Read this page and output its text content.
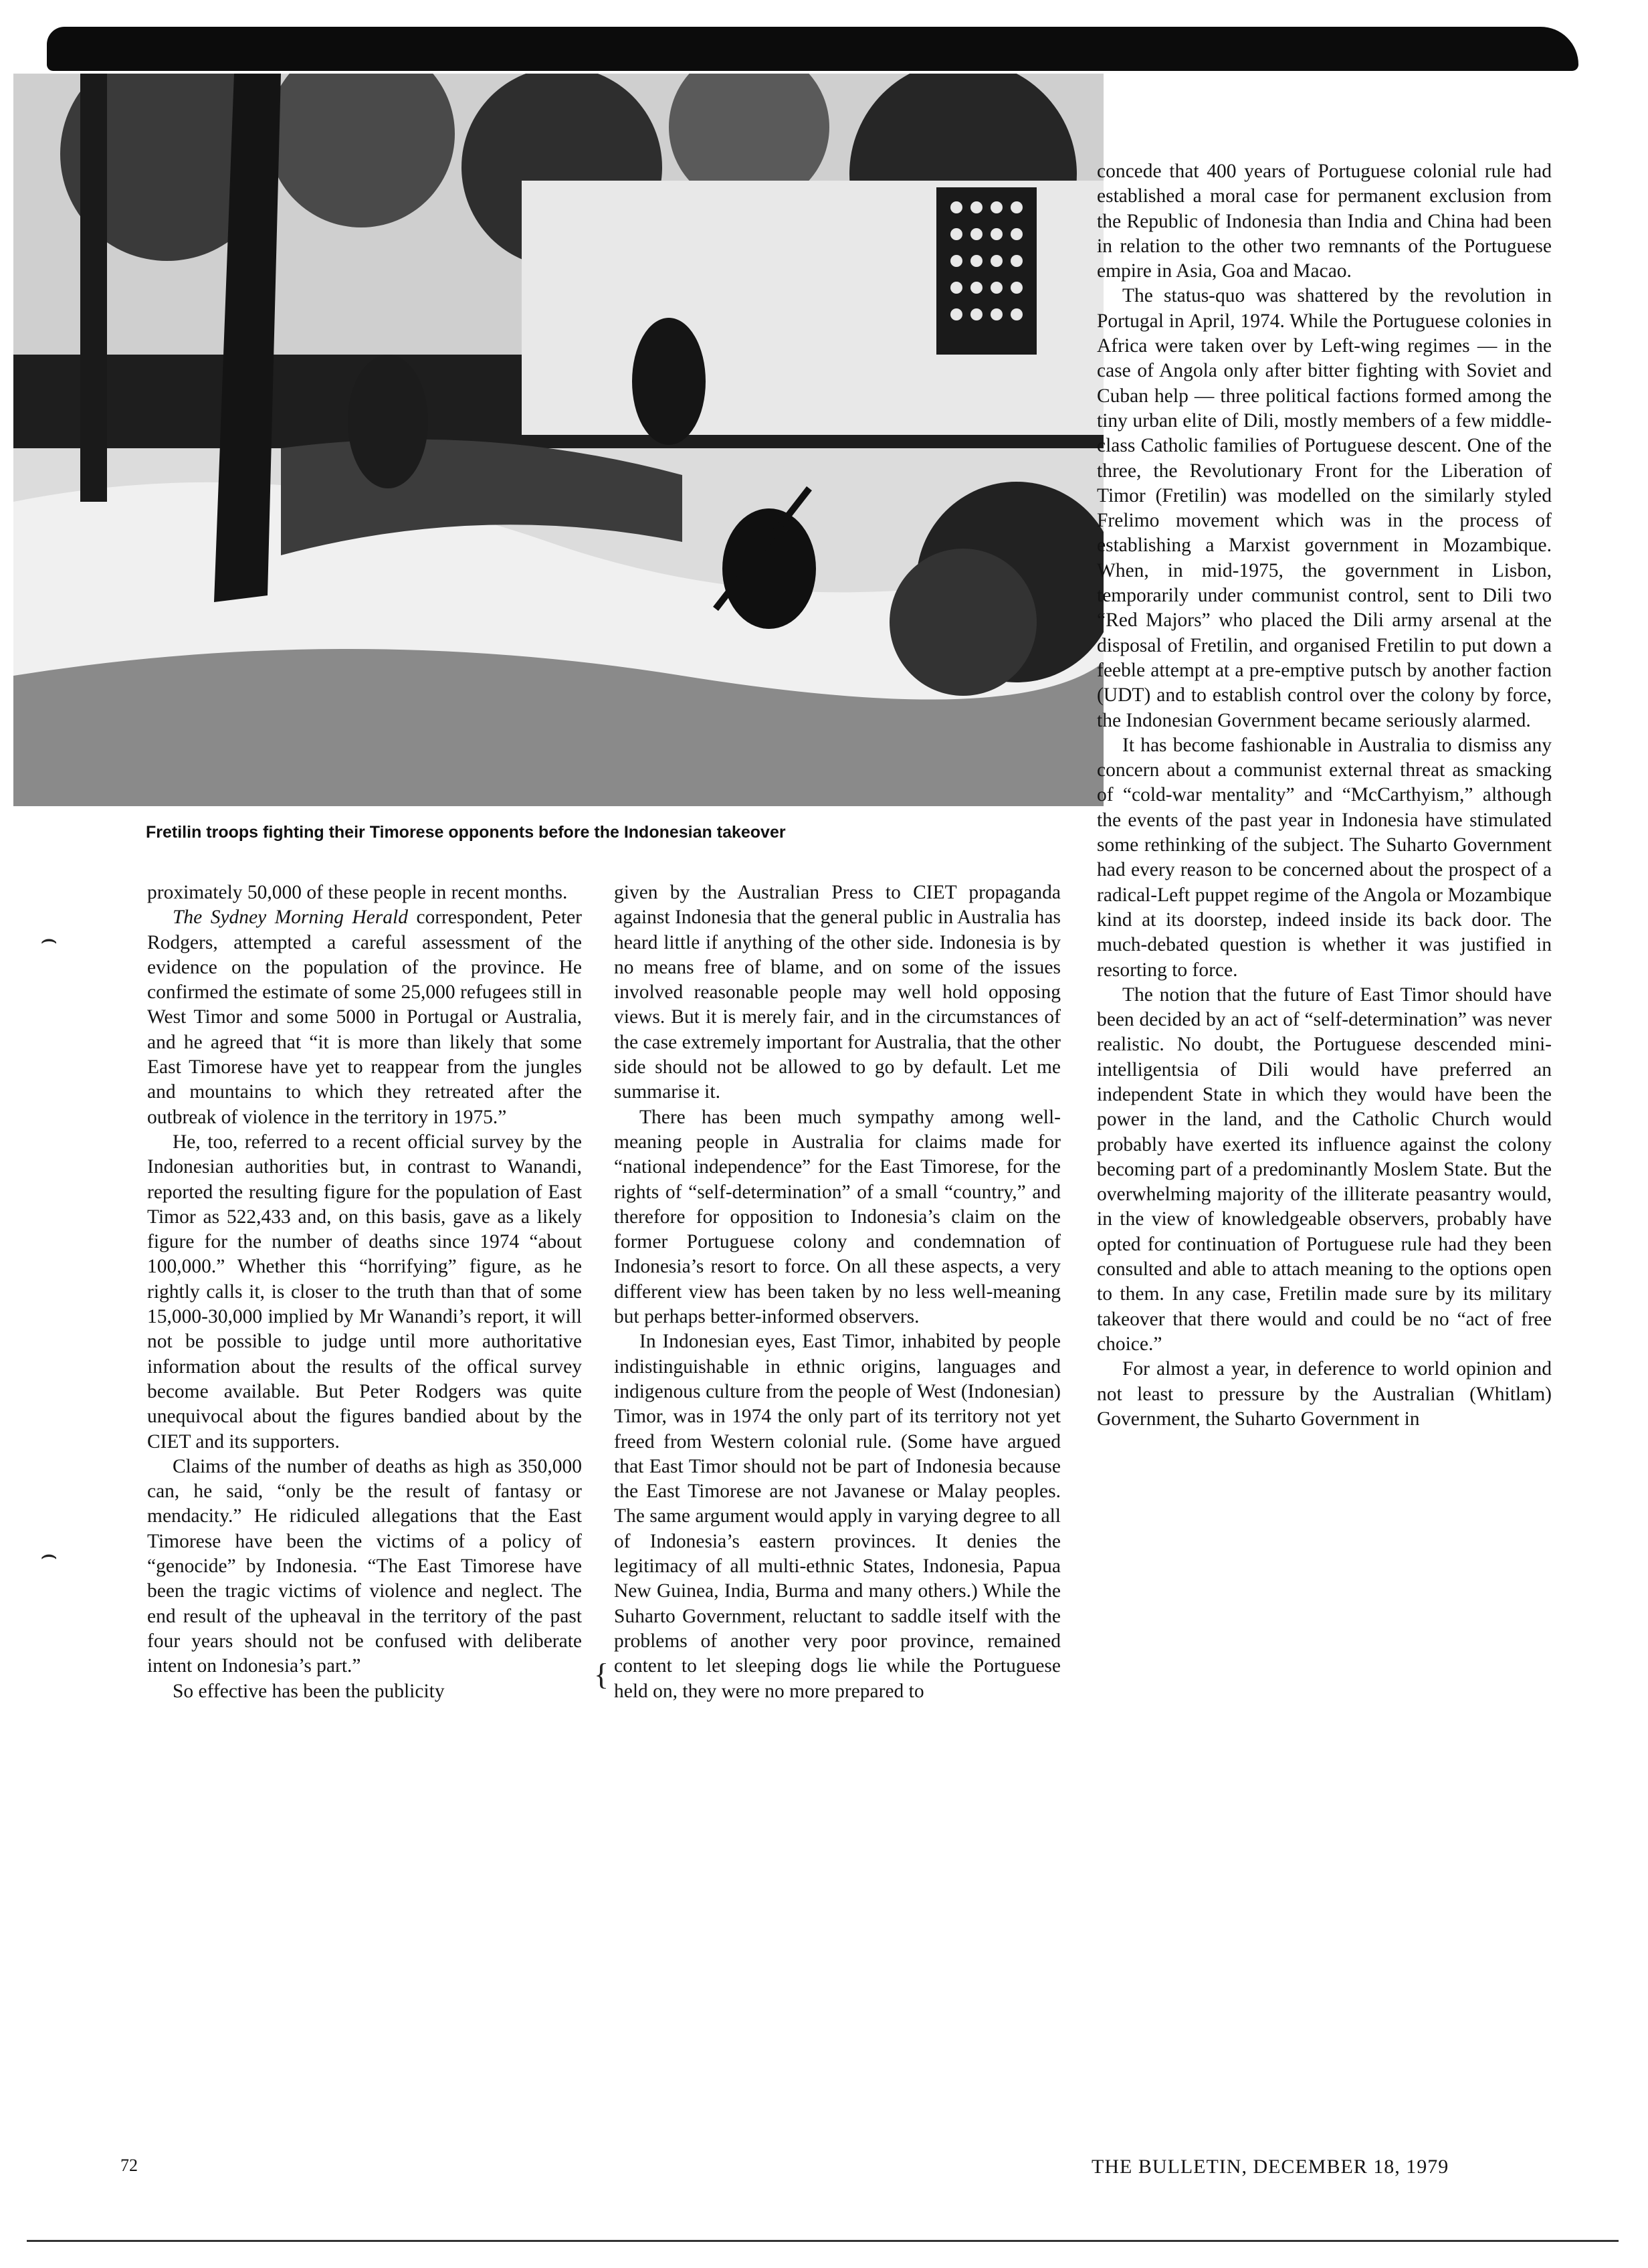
Fretilin troops fighting their Timorese opponents before the Indonesian takeover

proximately 50,000 of these people in recent months.

The Sydney Morning Herald correspondent, Peter Rodgers, attempted a careful assessment of the evidence on the population of the province. He confirmed the estimate of some 25,000 refugees still in West Timor and some 5000 in Portugal or Australia, and he agreed that “it is more than likely that some East Timorese have yet to reappear from the jungles and mountains to which they retreated after the outbreak of violence in the territory in 1975.”

He, too, referred to a recent official survey by the Indonesian authorities but, in contrast to Wanandi, reported the resulting figure for the population of East Timor as 522,433 and, on this basis, gave as a likely figure for the number of deaths since 1974 “about 100,000.” Whether this “horrifying” figure, as he rightly calls it, is closer to the truth than that of some 15,000-30,000 implied by Mr Wanandi’s report, it will not be possible to judge until more authoritative information about the results of the offical survey become available. But Peter Rodgers was quite unequivocal about the figures bandied about by the CIET and its supporters.

Claims of the number of deaths as high as 350,000 can, he said, “only be the result of fantasy or mendacity.” He ridiculed allegations that the East Timorese have been the victims of a policy of “genocide” by Indonesia. “The East Timorese have been the tragic victims of violence and neglect. The end result of the upheaval in the territory of the past four years should not be confused with deliberate intent on Indonesia’s part.”

So effective has been the publicity

given by the Australian Press to CIET propaganda against Indonesia that the general public in Australia has heard little if anything of the other side. Indonesia is by no means free of blame, and on some of the issues involved reasonable people may well hold opposing views. But it is merely fair, and in the circumstances of the case extremely important for Australia, that the other side should not be allowed to go by default. Let me summarise it.

There has been much sympathy among well-meaning people in Australia for claims made for “national independence” for the East Timorese, for the rights of “self-determination” of a small “country,” and therefore for opposition to Indonesia’s claim on the former Portuguese colony and condemnation of Indonesia’s resort to force. On all these aspects, a very different view has been taken by no less well-meaning but perhaps better-informed observers.

In Indonesian eyes, East Timor, inhabited by people indistinguishable in ethnic origins, languages and indigenous culture from the people of West (Indonesian) Timor, was in 1974 the only part of its territory not yet freed from Western colonial rule. (Some have argued that East Timor should not be part of Indonesia because the East Timorese are not Javanese or Malay peoples. The same argument would apply in varying degree to all of Indonesia’s eastern provinces. It denies the legitimacy of all multi-ethnic States, Indonesia, Papua New Guinea, India, Burma and many others.) While the Suharto Government, reluctant to saddle itself with the problems of another very poor province, remained content to let sleeping dogs lie while the Portuguese held on, they were no more prepared to

concede that 400 years of Portuguese colonial rule had established a moral case for permanent exclusion from the Republic of Indonesia than India and China had been in relation to the other two remnants of the Portuguese empire in Asia, Goa and Macao.

The status-quo was shattered by the revolution in Portugal in April, 1974. While the Portuguese colonies in Africa were taken over by Left-wing regimes — in the case of Angola only after bitter fighting with Soviet and Cuban help — three political factions formed among the tiny urban elite of Dili, mostly members of a few middle-class Catholic families of Portuguese descent. One of the three, the Revolutionary Front for the Liberation of Timor (Fretilin) was modelled on the similarly styled Frelimo movement which was in the process of establishing a Marxist government in Mozambique. When, in mid-1975, the government in Lisbon, temporarily under communist control, sent to Dili two “Red Majors” who placed the Dili army arsenal at the disposal of Fretilin, and organised Fretilin to put down a feeble attempt at a pre-emptive putsch by another faction (UDT) and to establish control over the colony by force, the Indonesian Government became seriously alarmed.

It has become fashionable in Australia to dismiss any concern about a communist external threat as smacking of “cold-war mentality” and “McCarthyism,” although the events of the past year in Indonesia have stimulated some rethinking of the subject. The Suharto Government had every reason to be concerned about the prospect of a radical-Left puppet regime of the Angola or Mozambique kind at its doorstep, indeed inside its back door. The much-debated question is whether it was justified in resorting to force.

The notion that the future of East Timor should have been decided by an act of “self-determination” was never realistic. No doubt, the Portuguese descended mini-intelligentsia of Dili would have preferred an independent State in which they would have been the power in the land, and the Catholic Church would probably have exerted its influence against the colony becoming part of a predominantly Moslem State. But the overwhelming majority of the illiterate peasantry would, in the view of knowledgeable observers, probably have opted for continuation of Portuguese rule had they been consulted and able to attach meaning to the options open to them. In any case, Fretilin made sure by its military takeover that there would and could be no “act of free choice.”

For almost a year, in deference to world opinion and not least to pressure by the Australian (Whitlam) Government, the Suharto Government in

⌢
⌢
{
72	THE BULLETIN, DECEMBER 18, 1979
